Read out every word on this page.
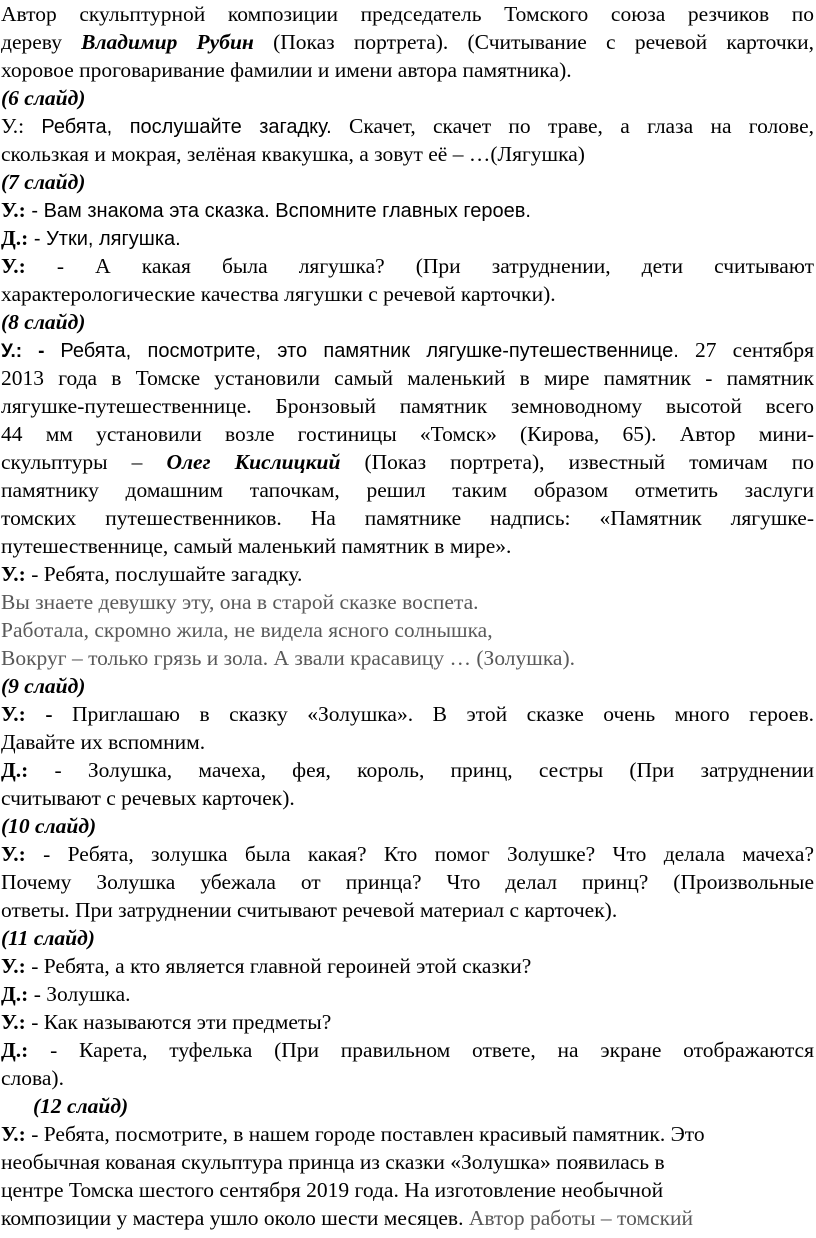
Автор скульптурной композиции председатель Томского союза резчиков по
дереву Владимир Рубин (Показ портрета). (Считывание с речевой карточки,
хоровое проговаривание фамилии и имени автора памятника).
(6 слайд)
У.: Ребята, послушайте загадку. Скачет, скачет по траве, а глаза на голове,
скользкая и мокрая, зелёная квакушка, а зовут её – …(Лягушка)
(7 слайд)
У.: - Вам знакома эта сказка. Вспомните главных героев.
Д.: - Утки, лягушка.
У.: - А какая была лягушка? (При затруднении, дети считывают
характерологические качества лягушки с речевой карточки).
(8 слайд)
У.: - Ребята, посмотрите, это памятник лягушке-путешественнице. 27 сентября
2013 года в Томске установили самый маленький в мире памятник - памятник
лягушке-путешественнице. Бронзовый памятник земноводному высотой всего
44 мм установили возле гостиницы «Томск» (Кирова, 65). Автор мини-
скульптуры – Олег Кислицкий (Показ портрета), известный томичам по
памятнику домашним тапочкам, решил таким образом отметить заслуги
томских путешественников. На памятнике надпись: «Памятник лягушке-
путешественнице, самый маленький памятник в мире».
У.: - Ребята, послушайте загадку.
Вы знаете девушку эту, она в старой сказке воспета.
Работала, скромно жила, не видела ясного солнышка,
Вокруг – только грязь и зола. А звали красавицу … (Золушка).
(9 слайд)
У.: - Приглашаю в сказку «Золушка». В этой сказке очень много героев.
Давайте их вспомним.
Д.: - Золушка, мачеха, фея, король, принц, сестры (При затруднении
считывают с речевых карточек).
(10 слайд)
У.: - Ребята, золушка была какая? Кто помог Золушке? Что делала мачеха?
Почему Золушка убежала от принца? Что делал принц? (Произвольные
ответы. При затруднении считывают речевой материал с карточек).
(11 слайд)
У.: - Ребята, а кто является главной героиней этой сказки?
Д.: - Золушка.
У.: - Как называются эти предметы?
Д.: - Карета, туфелька (При правильном ответе, на экране отображаются
слова).
(12 слайд)
У.: - Ребята, посмотрите, в нашем городе поставлен красивый памятник. Это
необычная кованая скульптура принца из сказки «Золушка» появилась в
центре Томска шестого сентября 2019 года. На изготовление необычной
композиции у мастера ушло около шести месяцев. Автор работы – томский
